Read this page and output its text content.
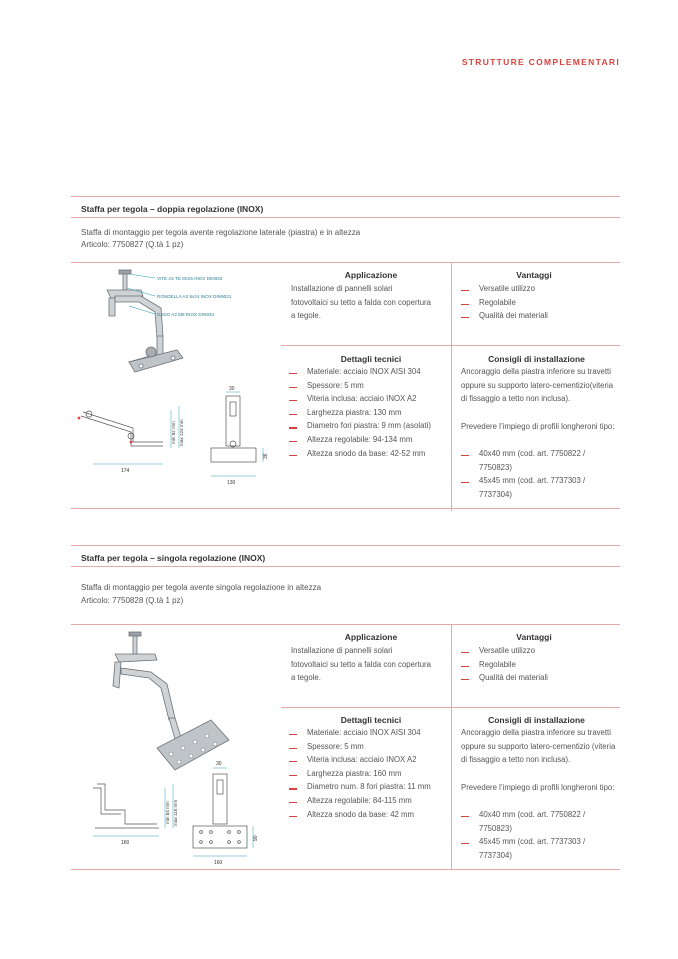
STRUTTURE COMPLEMENTARI
Staffa per tegola – doppia regolazione (INOX)
Staffa di montaggio per tegola avente regolazione laterale (piastra) e in altezza
Articolo: 7750827 (Q.tà 1 pz)
VITE A2 TE 8X25 INOX DIN933
RONDELLA A2 8x24 INOX DIN9021
DADO A2 M8 INOX DIN934
174
min 82 mm max 124 mm
30
130
36
Applicazione
Installazione di pannelli solari fotovoltaici su tetto a falda con copertura a tegole.
Vantaggi
Versatile utilizzo
Regolabile
Qualità dei materiali
Dettagli tecnici
Materiale: acciaio INOX AISI 304
Spessore: 5 mm
Viteria inclusa: acciaio INOX A2
Larghezza piastra: 130 mm
Diametro fori piastra: 9 mm (asolati)
Altezza regolabile: 94-134 mm
Altezza snodo da base: 42-52 mm
Consigli di installazione
Ancoraggio della piastra inferiore su travetti oppure su supporto latero-cementizio(viteria di fissaggio a tetto non inclusa).
Prevedere l’impiego di profili longheroni tipo:
40x40 mm (cod. art. 7750822 / 7750823)
45x45 mm (cod. art. 7737303 / 7737304)
Staffa per tegola – singola regolazione (INOX)
Staffa di montaggio per tegola avente singola regolazione in altezza
Articolo: 7750828 (Q.tà 1 pz)
160
min 84 mm max 115 mm
30
160
90
Applicazione
Installazione di pannelli solari fotovoltaici su tetto a falda con copertura a tegole.
Vantaggi
Versatile utilizzo
Regolabile
Qualità dei materiali
Dettagli tecnici
Materiale: acciaio INOX AISI 304
Spessore: 5 mm
Viteria inclusa: acciaio INOX A2
Larghezza piastra: 160 mm
Diametro num. 8 fori piastra: 11 mm
Altezza regolabile: 84-115 mm
Altezza snodo da base: 42 mm
Consigli di installazione
Ancoraggio della piastra inferiore su travetti oppure su supporto latero-cementizio (viteria di fissaggio a tetto non inclusa).
Prevedere l’impiego di profili longheroni tipo:
40x40 mm (cod. art. 7750822 / 7750823)
45x45 mm (cod. art. 7737303 / 7737304)
